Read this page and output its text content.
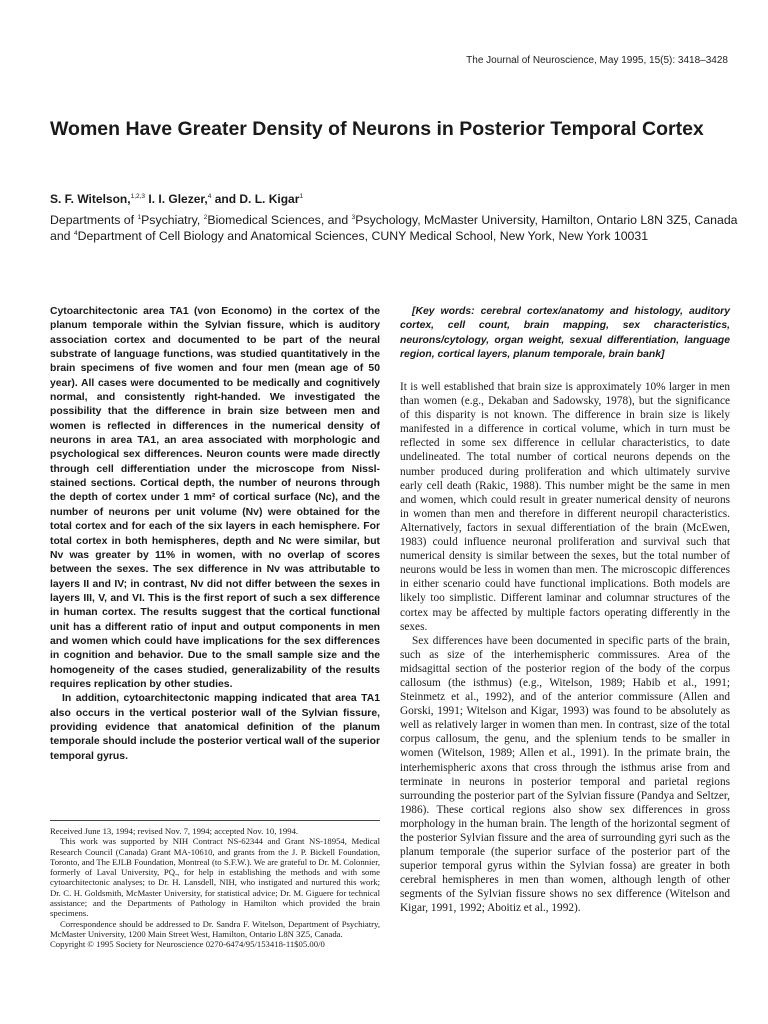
The Journal of Neuroscience, May 1995, 15(5): 3418–3428
Women Have Greater Density of Neurons in Posterior Temporal Cortex
S. F. Witelson,$^{1,2,3}$ I. I. Glezer,$^4$ and D. L. Kigar$^1$

Departments of $^1$Psychiatry, $^2$Biomedical Sciences, and $^3$Psychology, McMaster University, Hamilton, Ontario L8N 3Z5, Canada and $^4$Department of Cell Biology and Anatomical Sciences, CUNY Medical School, New York, New York 10031

Cytoarchitectonic area TA1 (von Economo) in the cortex of the planum temporale within the Sylvian fissure, which is auditory association cortex and documented to be part of the neural substrate of language functions, was studied quantitatively in the brain specimens of five women and four men (mean age of 50 year). All cases were documented to be medically and cognitively normal, and consistently right-handed. We investigated the possibility that the difference in brain size between men and women is reflected in differences in the numerical density of neurons in area TA1, an area associated with morphologic and psychological sex differences. Neuron counts were made directly through cell differentiation under the microscope from Nissl-stained sections. Cortical depth, the number of neurons through the depth of cortex under 1 mm² of cortical surface (Nc), and the number of neurons per unit volume (Nv) were obtained for the total cortex and for each of the six layers in each hemisphere. For total cortex in both hemispheres, depth and Nc were similar, but Nv was greater by 11% in women, with no overlap of scores between the sexes. The sex difference in Nv was attributable to layers II and IV; in contrast, Nv did not differ between the sexes in layers III, V, and VI. This is the first report of such a sex difference in human cortex. The results suggest that the cortical functional unit has a different ratio of input and output components in men and women which could have implications for the sex differences in cognition and behavior. Due to the small sample size and the homogeneity of the cases studied, generalizability of the results requires replication by other studies.

In addition, cytoarchitectonic mapping indicated that area TA1 also occurs in the vertical posterior wall of the Sylvian fissure, providing evidence that anatomical definition of the planum temporale should include the posterior vertical wall of the superior temporal gyrus.

Received June 13, 1994; revised Nov. 7, 1994; accepted Nov. 10, 1994.

This work was supported by NIH Contract NS-62344 and Grant NS-18954, Medical Research Council (Canada) Grant MA-10610, and grants from the J. P. Bickell Foundation, Toronto, and The EJLB Foundation, Montreal (to S.F.W.). We are grateful to Dr. M. Colonnier, formerly of Laval University, PQ., for help in establishing the methods and with some cytoarchitectonic analyses; to Dr. H. Lansdell, NIH, who instigated and nurtured this work; Dr. C. H. Goldsmith, McMaster University, for statistical advice; Dr. M. Giguere for technical assistance; and the Departments of Pathology in Hamilton which provided the brain specimens.

Correspondence should be addressed to Dr. Sandra F. Witelson, Department of Psychiatry, McMaster University, 1200 Main Street West, Hamilton, Ontario L8N 3Z5, Canada.

Copyright © 1995 Society for Neuroscience 0270-6474/95/153418-11$05.00/0

[Key words: cerebral cortex/anatomy and histology, auditory cortex, cell count, brain mapping, sex characteristics, neurons/cytology, organ weight, sexual differentiation, language region, cortical layers, planum temporale, brain bank]

It is well established that brain size is approximately 10% larger in men than women (e.g., Dekaban and Sadowsky, 1978), but the significance of this disparity is not known. The difference in brain size is likely manifested in a difference in cortical volume, which in turn must be reflected in some sex difference in cellular characteristics, to date undelineated. The total number of cortical neurons depends on the number produced during proliferation and which ultimately survive early cell death (Rakic, 1988). This number might be the same in men and women, which could result in greater numerical density of neurons in women than men and therefore in different neuropil characteristics. Alternatively, factors in sexual differentiation of the brain (McEwen, 1983) could influence neuronal proliferation and survival such that numerical density is similar between the sexes, but the total number of neurons would be less in women than men. The microscopic differences in either scenario could have functional implications. Both models are likely too simplistic. Different laminar and columnar structures of the cortex may be affected by multiple factors operating differently in the sexes.

Sex differences have been documented in specific parts of the brain, such as size of the interhemispheric commissures. Area of the midsagittal section of the posterior region of the body of the corpus callosum (the isthmus) (e.g., Witelson, 1989; Habib et al., 1991; Steinmetz et al., 1992), and of the anterior commissure (Allen and Gorski, 1991; Witelson and Kigar, 1993) was found to be absolutely as well as relatively larger in women than men. In contrast, size of the total corpus callosum, the genu, and the splenium tends to be smaller in women (Witelson, 1989; Allen et al., 1991). In the primate brain, the interhemispheric axons that cross through the isthmus arise from and terminate in neurons in posterior temporal and parietal regions surrounding the posterior part of the Sylvian fissure (Pandya and Seltzer, 1986). These cortical regions also show sex differences in gross morphology in the human brain. The length of the horizontal segment of the posterior Sylvian fissure and the area of surrounding gyri such as the planum temporale (the superior surface of the posterior part of the superior temporal gyrus within the Sylvian fossa) are greater in both cerebral hemispheres in men than women, although length of other segments of the Sylvian fissure shows no sex difference (Witelson and Kigar, 1991, 1992; Aboitiz et al., 1992).
